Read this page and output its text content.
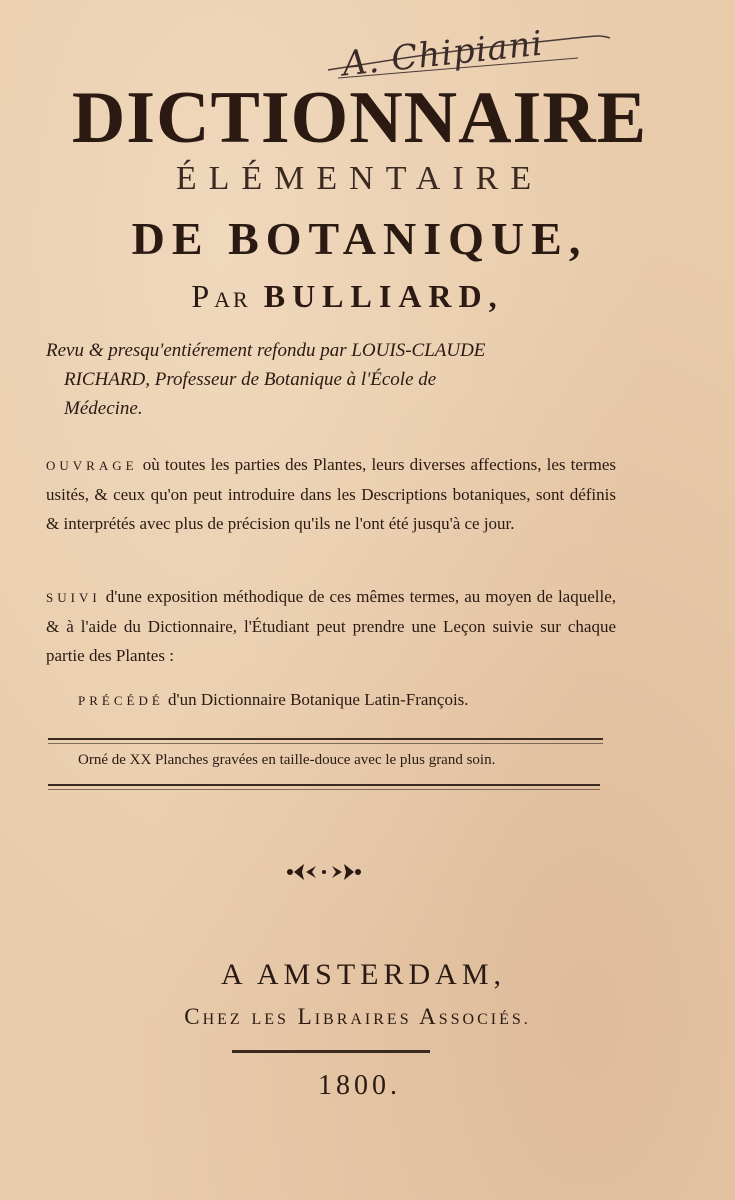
A. Chipiani
DICTIONNAIRE
ÉLÉMENTAIRE
DE BOTANIQUE,
PAR BULLIARD,
Revu & presqu'entiérement refondu par LOUIS-CLAUDE
RICHARD, Professeur de Botanique à l'École de
Médecine.
OUVRAGE où toutes les parties des Plantes, leurs diverses affections, les termes usités, & ceux qu'on peut introduire dans les Descriptions botaniques, sont définis & interprétés avec plus de précision qu'ils ne l'ont été jusqu'à ce jour.
SUIVI d'une exposition méthodique de ces mêmes termes, au moyen de laquelle, & à l'aide du Dictionnaire, l'Étudiant peut prendre une Leçon suivie sur chaque partie des Plantes :
PRÉCÉDÉ d'un Dictionnaire Botanique Latin-François.
Orné de XX Planches gravées en taille-douce avec le plus grand soin.
A AMSTERDAM,
CHEZ LES LIBRAIRES ASSOCIÉS.
1800.
